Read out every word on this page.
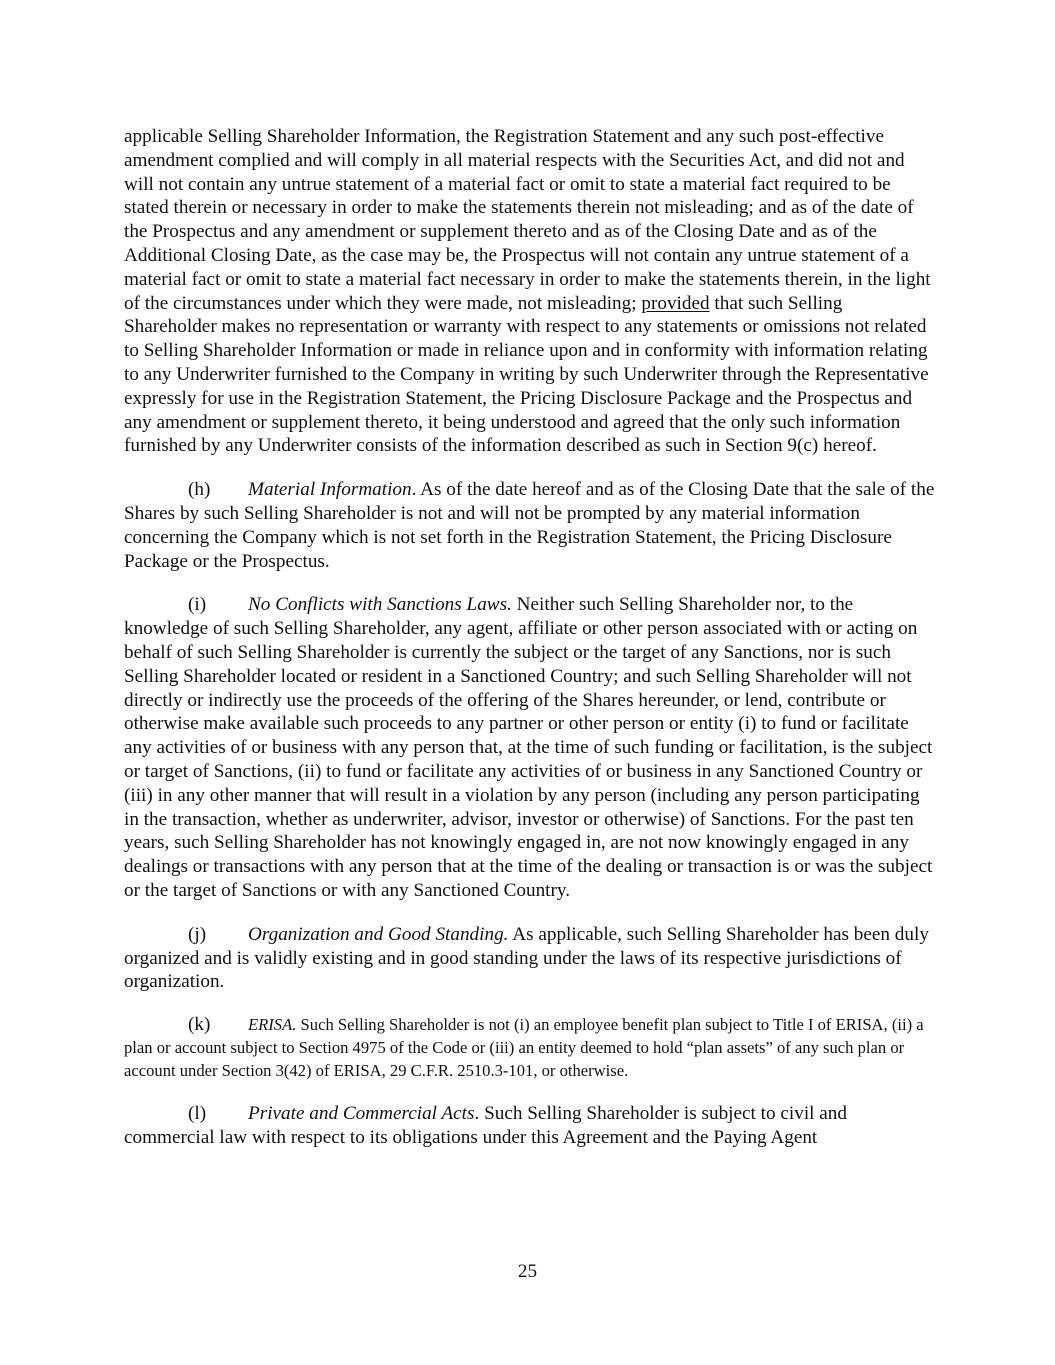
applicable Selling Shareholder Information, the Registration Statement and any such post-effective amendment complied and will comply in all material respects with the Securities Act, and did not and will not contain any untrue statement of a material fact or omit to state a material fact required to be stated therein or necessary in order to make the statements therein not misleading; and as of the date of the Prospectus and any amendment or supplement thereto and as of the Closing Date and as of the Additional Closing Date, as the case may be, the Prospectus will not contain any untrue statement of a material fact or omit to state a material fact necessary in order to make the statements therein, in the light of the circumstances under which they were made, not misleading; provided that such Selling Shareholder makes no representation or warranty with respect to any statements or omissions not related to Selling Shareholder Information or made in reliance upon and in conformity with information relating to any Underwriter furnished to the Company in writing by such Underwriter through the Representative expressly for use in the Registration Statement, the Pricing Disclosure Package and the Prospectus and any amendment or supplement thereto, it being understood and agreed that the only such information furnished by any Underwriter consists of the information described as such in Section 9(c) hereof.

(h) Material Information. As of the date hereof and as of the Closing Date that the sale of the Shares by such Selling Shareholder is not and will not be prompted by any material information concerning the Company which is not set forth in the Registration Statement, the Pricing Disclosure Package or the Prospectus.

(i) No Conflicts with Sanctions Laws. Neither such Selling Shareholder nor, to the knowledge of such Selling Shareholder, any agent, affiliate or other person associated with or acting on behalf of such Selling Shareholder is currently the subject or the target of any Sanctions, nor is such Selling Shareholder located or resident in a Sanctioned Country; and such Selling Shareholder will not directly or indirectly use the proceeds of the offering of the Shares hereunder, or lend, contribute or otherwise make available such proceeds to any partner or other person or entity (i) to fund or facilitate any activities of or business with any person that, at the time of such funding or facilitation, is the subject or target of Sanctions, (ii) to fund or facilitate any activities of or business in any Sanctioned Country or (iii) in any other manner that will result in a violation by any person (including any person participating in the transaction, whether as underwriter, advisor, investor or otherwise) of Sanctions. For the past ten years, such Selling Shareholder has not knowingly engaged in, are not now knowingly engaged in any dealings or transactions with any person that at the time of the dealing or transaction is or was the subject or the target of Sanctions or with any Sanctioned Country.

(j) Organization and Good Standing. As applicable, such Selling Shareholder has been duly organized and is validly existing and in good standing under the laws of its respective jurisdictions of organization.

(k) ERISA. Such Selling Shareholder is not (i) an employee benefit plan subject to Title I of ERISA, (ii) a plan or account subject to Section 4975 of the Code or (iii) an entity deemed to hold “plan assets” of any such plan or account under Section 3(42) of ERISA, 29 C.F.R. 2510.3-101, or otherwise.

(l) Private and Commercial Acts. Such Selling Shareholder is subject to civil and commercial law with respect to its obligations under this Agreement and the Paying Agent

25
